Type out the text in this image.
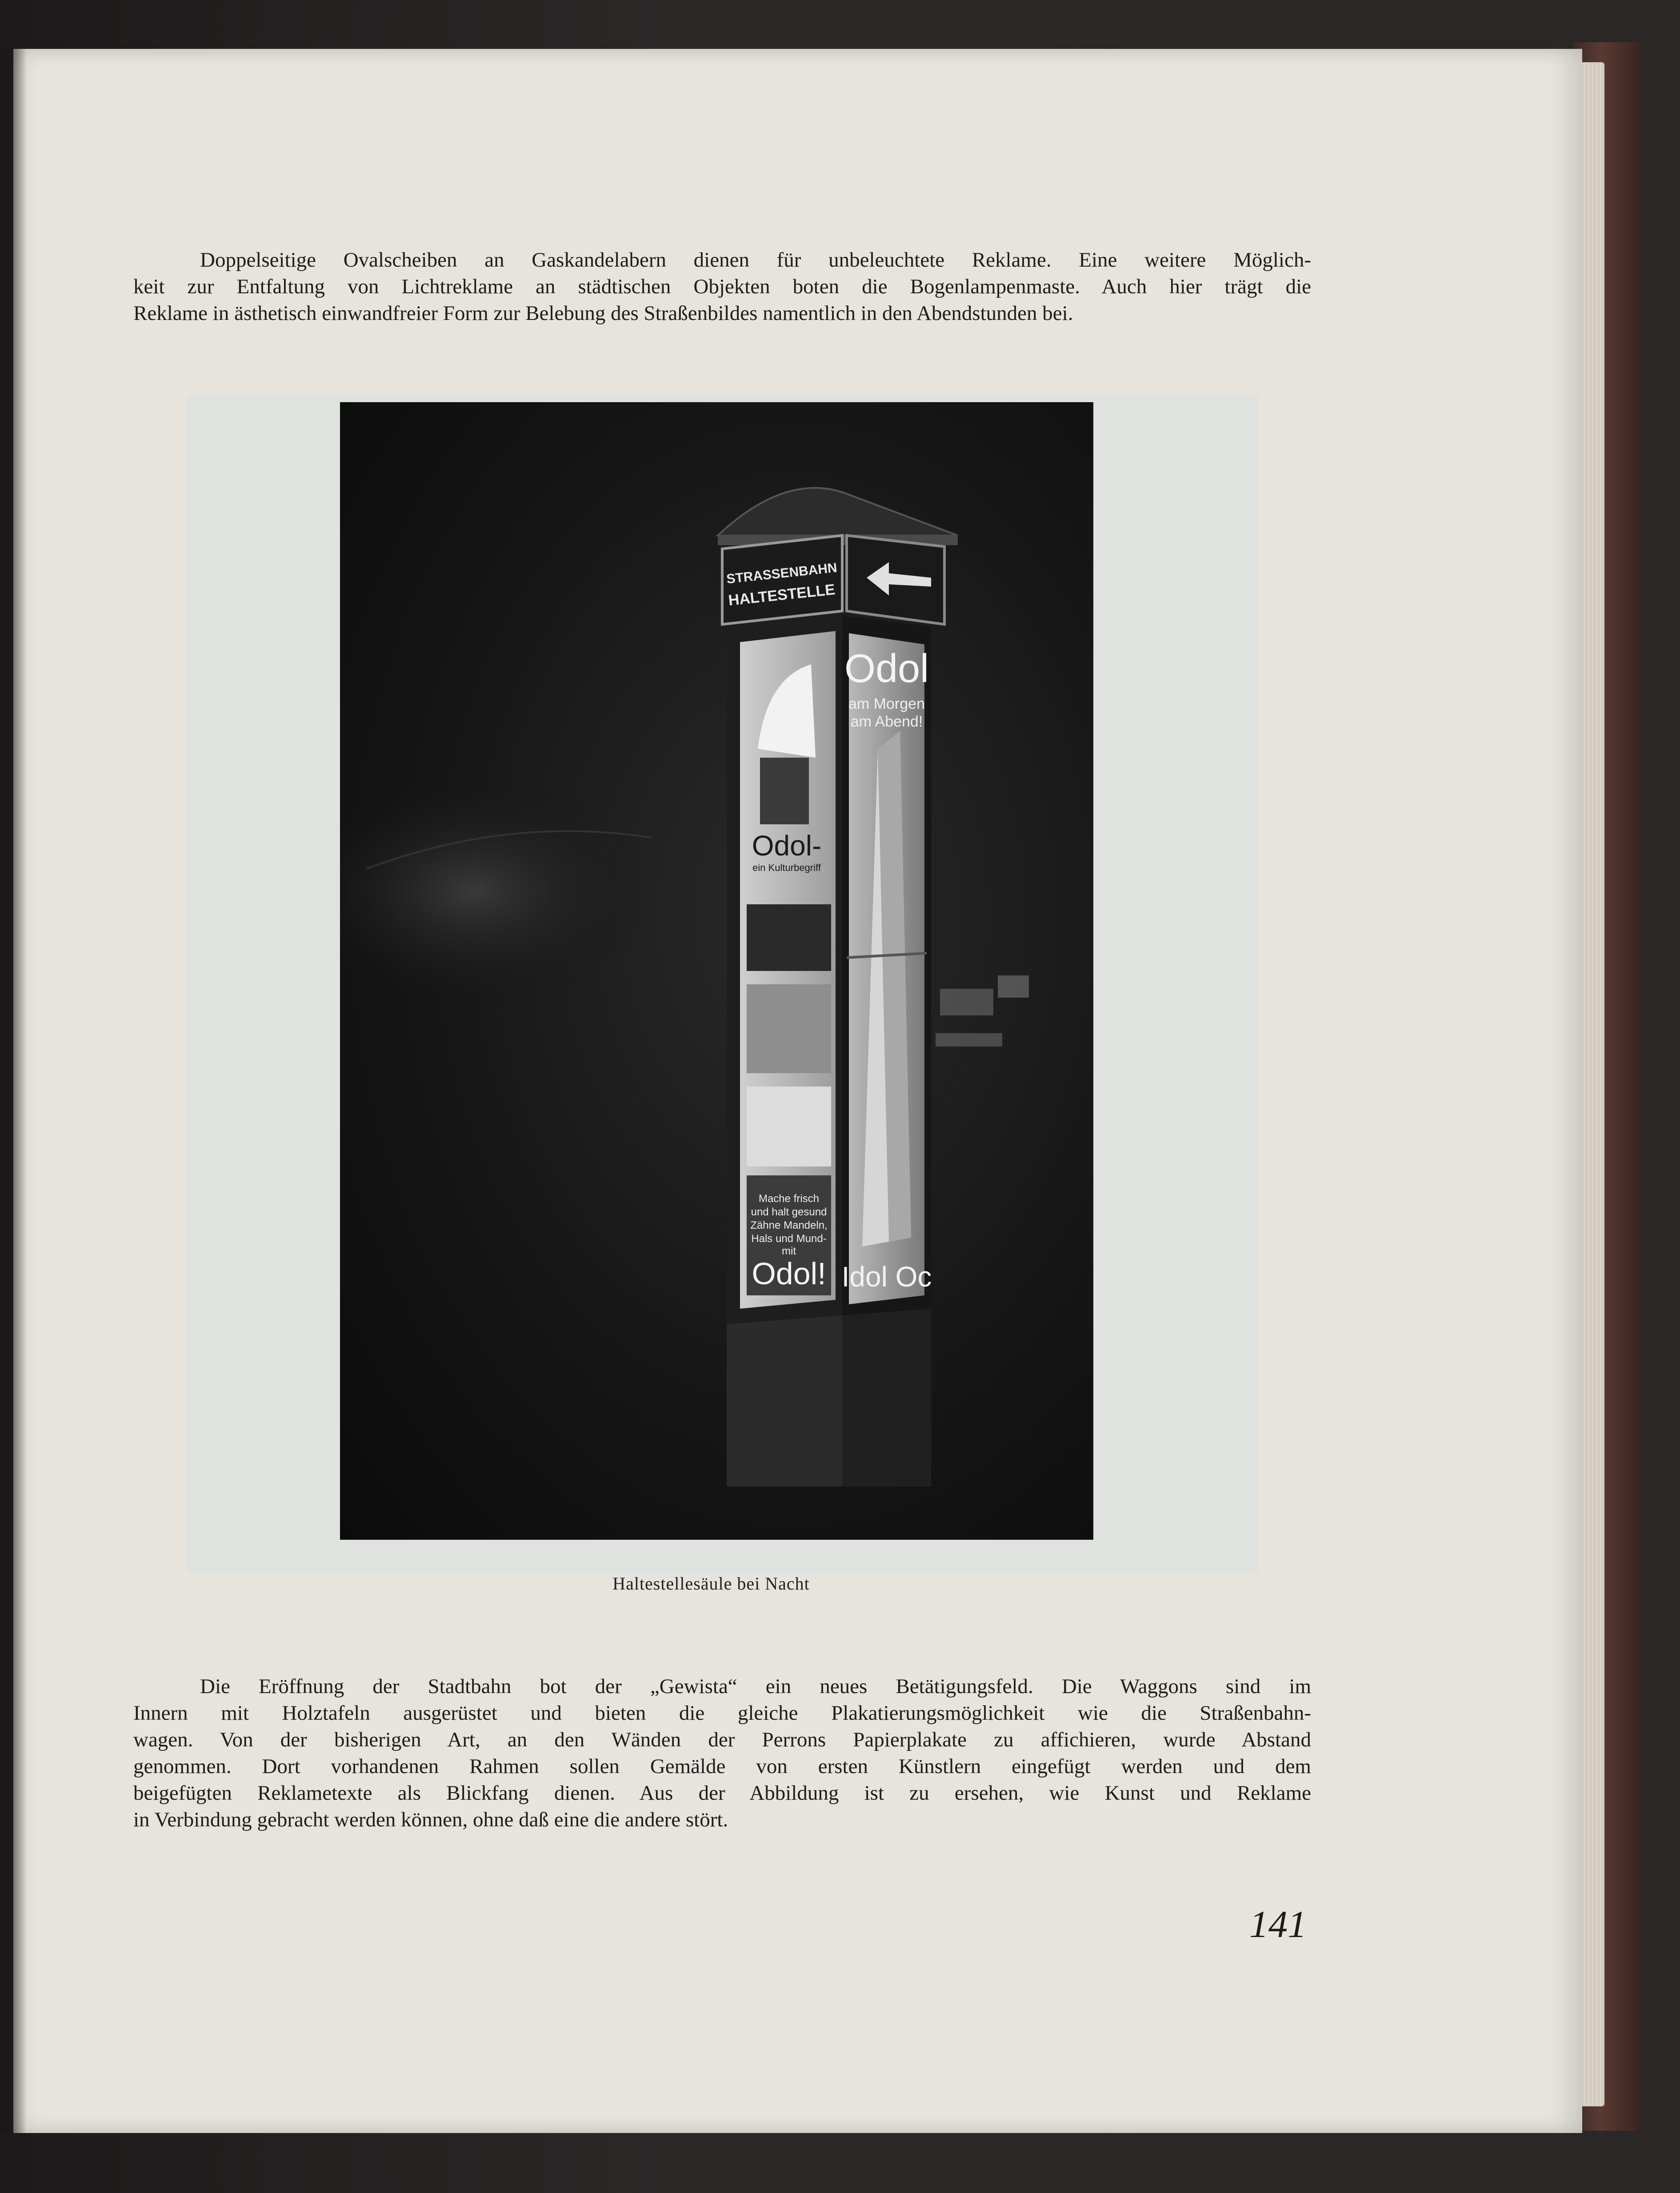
Doppelseitige Ovalscheiben an Gaskandelabern dienen für unbeleuchtete Reklame. Eine weitere Möglich-
keit zur Entfaltung von Lichtreklame an städtischen Objekten boten die Bogenlampenmaste. Auch hier trägt die
Reklame in ästhetisch einwandfreier Form zur Belebung des Straßenbildes namentlich in den Abendstunden bei.
STRASSENBAHN
HALTESTELLE
Odol-
ein Kulturbegriff
Mache frisch
und halt gesund
Zähne Mandeln,
Hals und Mund-
mit
Odol!
Odol
am Morgen
am Abend!
Idol Oc
Haltestellesäule bei Nacht
Die Eröffnung der Stadtbahn bot der „Gewista“ ein neues Betätigungsfeld. Die Waggons sind im
Innern mit Holztafeln ausgerüstet und bieten die gleiche Plakatierungsmöglichkeit wie die Straßenbahn-
wagen. Von der bisherigen Art, an den Wänden der Perrons Papierplakate zu affichieren, wurde Abstand
genommen. Dort vorhandenen Rahmen sollen Gemälde von ersten Künstlern eingefügt werden und dem
beigefügten Reklametexte als Blickfang dienen. Aus der Abbildung ist zu ersehen, wie Kunst und Reklame
in Verbindung gebracht werden können, ohne daß eine die andere stört.
141
